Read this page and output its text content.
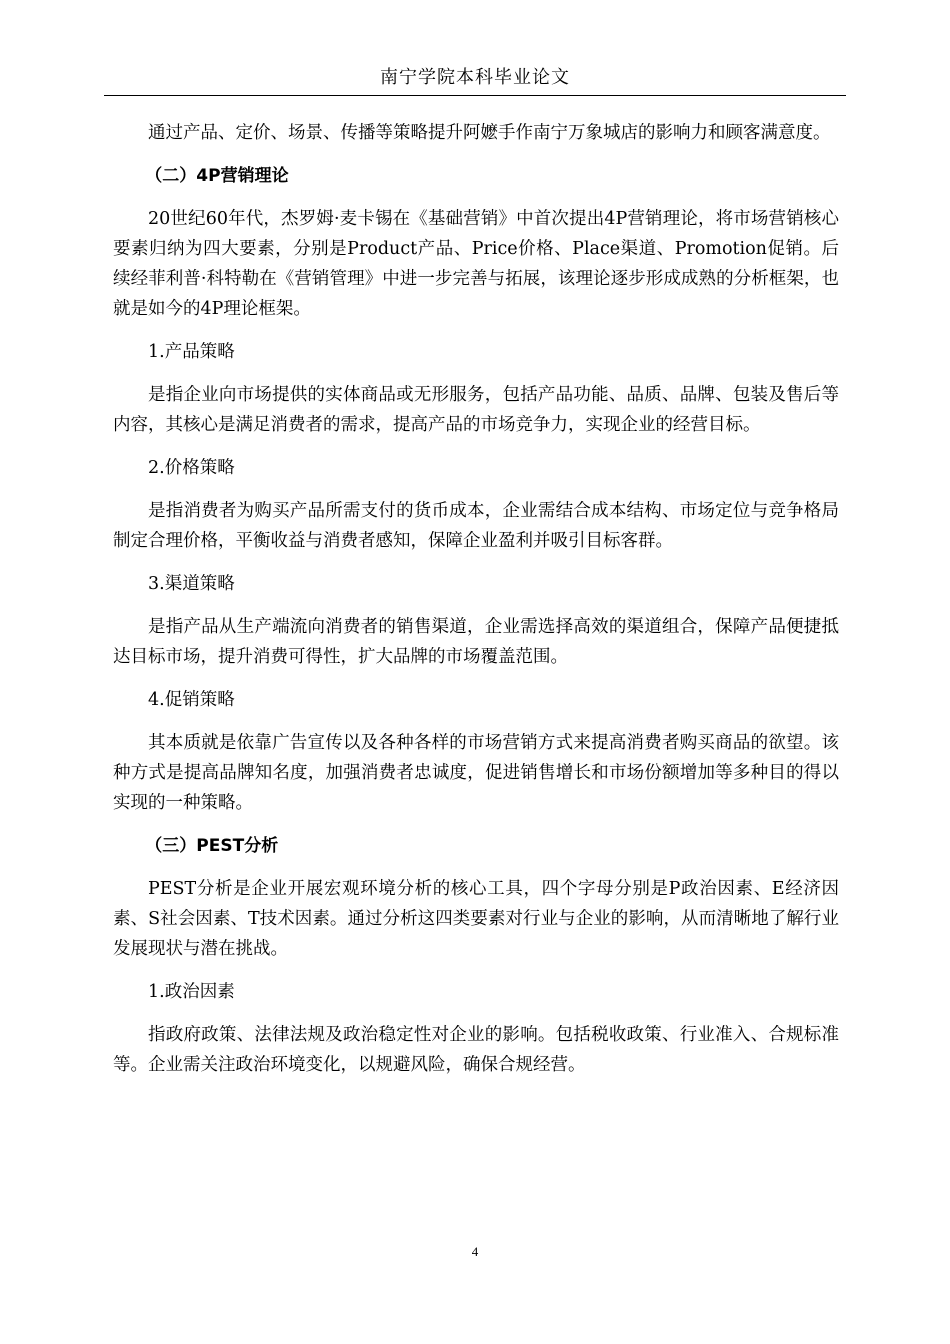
南宁学院本科毕业论文

通过产品、定价、场景、传播等策略提升阿嬷手作南宁万象城店的影响力和顾客满意度。

（二）4P营销理论

20世纪60年代，杰罗姆·麦卡锡在《基础营销》中首次提出4P营销理论，将市场营销核心要素归纳为四大要素，分别是Product产品、Price价格、Place渠道、Promotion促销。后续经菲利普·科特勒在《营销管理》中进一步完善与拓展，该理论逐步形成成熟的分析框架，也就是如今的4P理论框架。

1.产品策略

是指企业向市场提供的实体商品或无形服务，包括产品功能、品质、品牌、包装及售后等内容，其核心是满足消费者的需求，提高产品的市场竞争力，实现企业的经营目标。

2.价格策略

是指消费者为购买产品所需支付的货币成本，企业需结合成本结构、市场定位与竞争格局制定合理价格，平衡收益与消费者感知，保障企业盈利并吸引目标客群。

3.渠道策略

是指产品从生产端流向消费者的销售渠道，企业需选择高效的渠道组合，保障产品便捷抵达目标市场，提升消费可得性，扩大品牌的市场覆盖范围。

4.促销策略

其本质就是依靠广告宣传以及各种各样的市场营销方式来提高消费者购买商品的欲望。该种方式是提高品牌知名度，加强消费者忠诚度，促进销售增长和市场份额增加等多种目的得以实现的一种策略。

（三）PEST分析

PEST分析是企业开展宏观环境分析的核心工具，四个字母分别是P政治因素、E经济因素、S社会因素、T技术因素。通过分析这四类要素对行业与企业的影响，从而清晰地了解行业发展现状与潜在挑战。

1.政治因素

指政府政策、法律法规及政治稳定性对企业的影响。包括税收政策、行业准入、合规标准等。企业需关注政治环境变化，以规避风险，确保合规经营。

4
